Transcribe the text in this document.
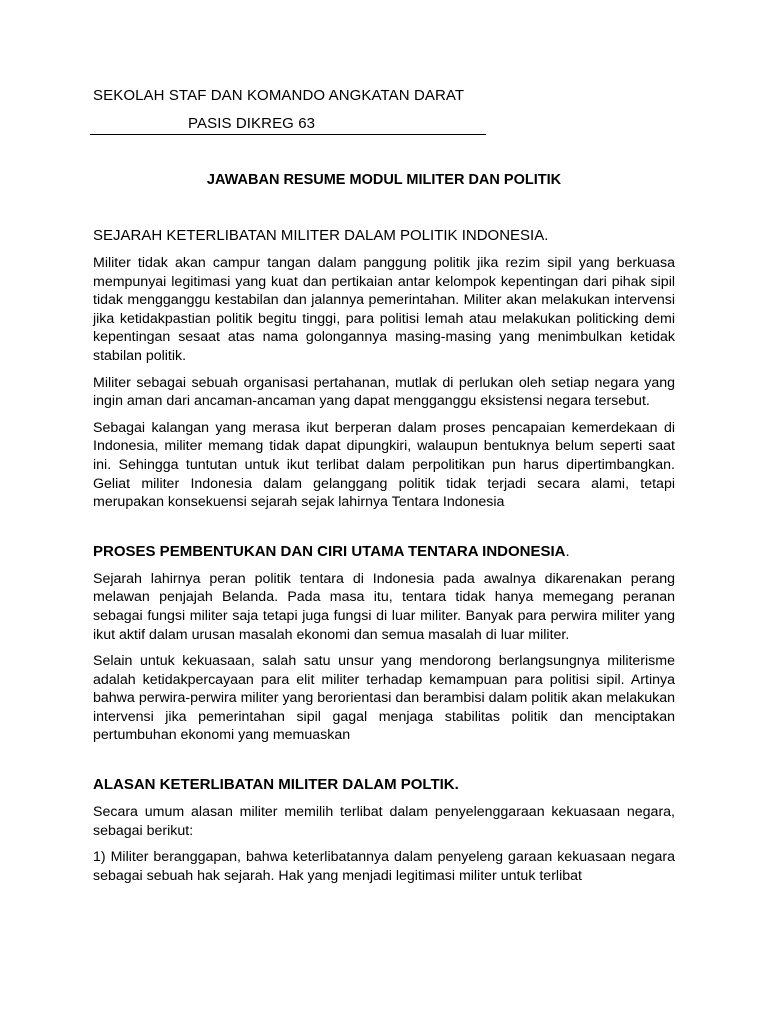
SEKOLAH STAF DAN KOMANDO ANGKATAN DARAT
PASIS DIKREG 63
JAWABAN RESUME MODUL MILITER DAN POLITIK

SEJARAH KETERLIBATAN MILITER DALAM POLITIK INDONESIA.

Militer tidak akan campur tangan dalam panggung politik jika rezim sipil yang berkuasa mempunyai legitimasi yang kuat dan pertikaian antar kelompok kepentingan dari pihak sipil tidak mengganggu kestabilan dan jalannya pemerintahan. Militer akan melakukan intervensi jika ketidakpastian politik begitu tinggi, para politisi lemah atau melakukan politicking demi kepentingan sesaat atas nama golongannya masing-masing yang menimbulkan ketidak stabilan politik.

Militer sebagai sebuah organisasi pertahanan, mutlak di perlukan oleh setiap negara yang ingin aman dari ancaman-ancaman yang dapat mengganggu eksistensi negara tersebut.

Sebagai kalangan yang merasa ikut berperan dalam proses pencapaian kemerdekaan di Indonesia, militer memang tidak dapat dipungkiri, walaupun bentuknya belum seperti saat ini. Sehingga tuntutan untuk ikut terlibat dalam perpolitikan pun harus dipertimbangkan. Geliat militer Indonesia dalam gelanggang politik tidak terjadi secara alami, tetapi merupakan konsekuensi sejarah sejak lahirnya Tentara Indonesia

PROSES PEMBENTUKAN DAN CIRI UTAMA TENTARA INDONESIA.

Sejarah lahirnya peran politik tentara di Indonesia pada awalnya dikarenakan perang melawan penjajah Belanda. Pada masa itu, tentara tidak hanya memegang peranan sebagai fungsi militer saja tetapi juga fungsi di luar militer. Banyak para perwira militer yang ikut aktif dalam urusan masalah ekonomi dan semua masalah di luar militer.

Selain untuk kekuasaan, salah satu unsur yang mendorong berlangsungnya militerisme adalah ketidakpercayaan para elit militer terhadap kemampuan para politisi sipil. Artinya bahwa perwira-perwira militer yang berorientasi dan berambisi dalam politik akan melakukan intervensi jika pemerintahan sipil gagal menjaga stabilitas politik dan menciptakan pertumbuhan ekonomi yang memuaskan

ALASAN KETERLIBATAN MILITER DALAM POLTIK.

Secara umum alasan militer memilih terlibat dalam penyelenggaraan kekuasaan negara, sebagai berikut:

1) Militer beranggapan, bahwa keterlibatannya dalam penyeleng garaan kekuasaan negara sebagai sebuah hak sejarah. Hak yang menjadi legitimasi militer untuk terlibat
